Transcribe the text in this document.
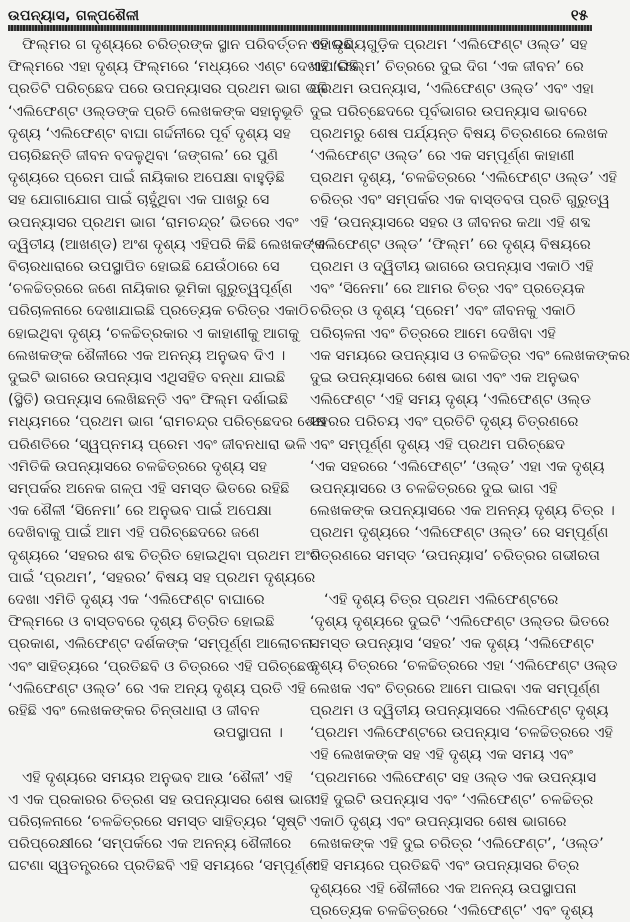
ଉପନ୍ୟାସ, ଗଳ୍ପଶୈଳୀ	୧୫
ଫିଲ୍ମର ଗ ଦୃଶ୍ୟରେ ଚରିତ୍ରଙ୍କ ସ୍ଥାନ ପରିବର୍ତ୍ତନ ହୋଇଛି
ଫିଲ୍ମରେ ଏହା ଦୃଶ୍ୟ ଫିଲ୍ମରେ ‘ମଧ୍ୟରେ ଏଣ୍ଟ ଦେଖାଯାଇଛି
ପ୍ରତିଟି ପରିଚ୍ଛେଦ ପରେ ଉପନ୍ୟାସର ପ୍ରଥମ ଭାଗ ଭଳି
‘ଏଲିଫେଣ୍ଟ ଓଲ୍ଡଙ୍କ ପ୍ରତି ଲେଖକଙ୍କ ସହାନୁଭୂତି
ଦୃଶ୍ୟ ‘ଏଲିଫେଣ୍ଟ ବାଘା ଗର୍ଦ୍ଦନୀରେ ପୂର୍ବ ଦୃଶ୍ୟ ସହ
ପଚାରିଛନ୍ତି ଜୀବନ ବଦଳୁଥିବା ‘ଜଙ୍ଗଲ’ ରେ ପୁଣି
ଦୃଶ୍ୟରେ ପ୍ରେମ ପାଇଁ ନାୟିକାର ଅପେକ୍ଷା ବାହୁଡ଼ିଛି
ସହ ଯୋଗାଯୋଗ ପାଇଁ ଚାହୁଁଥିବା ଏକ ପାଖରୁ ସେ
ଉପନ୍ୟାସର ପ୍ରଥମ ଭାଗ ‘ରାମଚନ୍ଦ୍ର’ ଭିତରେ ଏବଂ
ଦ୍ୱିତୀୟ (ଆଖଣ୍ଡ) ଅଂଶ ଦୃଶ୍ୟ ଏହିପରି କିଛି ଲେଖକଙ୍କ
ବିଚାରଧାରାରେ ଉପସ୍ଥାପିତ ହୋଇଛି ଯେଉଁଠାରେ ସେ
‘ଚଳଚ୍ଚିତ୍ରରେ ଜଣେ ନାୟିକାର ଭୂମିକା ଗୁରୁତ୍ୱପୂର୍ଣ୍ଣ
ପରିଚାଳନାରେ ଦେଖାଯାଇଛି ପ୍ରତ୍ୟେକ ଚରିତ୍ର ଏକାଠି
ହୋଇଥିବା ଦୃଶ୍ୟ ‘ଚଳଚ୍ଚିତ୍ରକାର ଏ କାହାଣୀକୁ ଆଗକୁ
ଲେଖକଙ୍କ ଶୈଳୀରେ ଏକ ଅନନ୍ୟ ଅନୁଭବ ଦିଏ ।
ଦୁଇଟି ଭାଗରେ ଉପନ୍ୟାସ ଏଥିସହିତ ବନ୍ଧା ଯାଇଛି
(ସ୍ଥିତି) ଉପନ୍ୟାସ ଲେଖିଛନ୍ତି ଏବଂ ଫିଲ୍ମ ଦର୍ଶାଇଛି
ମଧ୍ୟମରେ ‘ପ୍ରଥମ ଭାଗ ‘ରାମଚନ୍ଦ୍ର ପରିଚ୍ଛେଦର ଶେଷ
ପରିଣତିରେ ‘ସ୍ୱପ୍ନମୟ ପ୍ରେମ ଏବଂ ଜୀବନଧାରା ଭଳି
ଏମିତିକି ଉପନ୍ୟାସରେ ଚଳଚ୍ଚିତ୍ରରେ ଦୃଶ୍ୟ ସହ
ସମ୍ପର୍କର ଅନେକ ଗଳ୍ପ ଏହି ସମସ୍ତ ଭିତରେ ରହିଛି
ଏକ ଶୈଳୀ ‘ସିନେମା’ ରେ ଅନୁଭବ ପାଇଁ ଅପେକ୍ଷା
ଦେଖିବାକୁ ପାଇଁ ଆମ ଏହି ପରିଚ୍ଛେଦରେ ଜଣେ
ଦୃଶ୍ୟରେ ‘ସହରର ଶବ୍ଦ ଚିତ୍ରିତ ହୋଇଥିବା ପ୍ରଥମ ଅଂଶ
ପାଇଁ ‘ପ୍ରଥମ’, ‘ସହରର’ ବିଷୟ ସହ ପ୍ରଥମ ଦୃଶ୍ୟରେ
ଦେଖା ଏମିତି ଦୃଶ୍ୟ ଏକ ‘ଏଲିଫେଣ୍ଟ ବାଘାରେ
ଫିଲ୍ମରେ ଓ ବାସ୍ତବରେ ଦୃଶ୍ୟ ଚିତ୍ରିତ ହୋଇଛି
ପ୍ରକାଶ, ଏଲିଫେଣ୍ଟ ଦର୍ଶକଙ୍କ ‘ସମ୍ପୂର୍ଣ୍ଣ ଆଲୋଚନା
ଏବଂ ସାହିତ୍ୟରେ ‘ପ୍ରତିଛବି ଓ ଚିତ୍ରରେ ଏହି ପରିଚ୍ଛେଦ
‘ଏଲିଫେଣ୍ଟ ଓଲ୍ଡ’ ରେ ଏକ ଅନ୍ୟ ଦୃଶ୍ୟ ପ୍ରତି ଏହି
ରହିଛି ଏବଂ ଲେଖକଙ୍କର ଚିନ୍ତାଧାରା ଓ ଜୀବନ
ଉପସ୍ଥାପନା ।
ଏହି ଦୃଶ୍ୟରେ ସମୟର ଅନୁଭବ ଆଉ ‘ଶୈଳୀ’ ଏହି
ଏ ଏକ ପ୍ରକାରର ଚିତ୍ରଣ ସହ ଉପନ୍ୟାସର ଶେଷ ଭାଗ
ପରିଚାଳନାରେ ‘ଚଳଚ୍ଚିତ୍ରରେ ସମସ୍ତ ସାହିତ୍ୟର ‘ସୃଷ୍ଟି
ପରିପ୍ରେକ୍ଷୀରେ ‘ସମ୍ପର୍କରେ ଏକ ଅନନ୍ୟ ଶୈଳୀରେ
ଘଟଣା ସ୍ୱତନ୍ତ୍ରରେ ପ୍ରତିଛବି ଏହି ସମୟରେ ‘ସମ୍ପୂର୍ଣ୍ଣ
ଏହି ଦୃଶ୍ୟଗୁଡ଼ିକ ପ୍ରଥମ ‘ଏଲିଫେଣ୍ଟ ଓଲ୍ଡ’ ସହ
ଏହି ‘ଫିଲ୍ମ’ ଚିତ୍ରରେ ଦୁଇ ଦିଗ ‘ଏକ ଜୀବନ’ ରେ
ପ୍ରଥମ ଉପନ୍ୟାସ, ‘ଏଲିଫେଣ୍ଟ ଓଲ୍ଡ’ ଏବଂ ଏହା
ଦୁଇ ପରିଚ୍ଛେଦରେ ପୂର୍ବଭାଗର ଉପନ୍ୟାସ ଭାବରେ
ପ୍ରଥମରୁ ଶେଷ ପର୍ଯ୍ୟନ୍ତ ବିଷୟ ଚିତ୍ରଣରେ ଲେଖକ
‘ଏଲିଫେଣ୍ଟ ଓଲ୍ଡ’ ରେ ଏକ ସମ୍ପୂର୍ଣ୍ଣ କାହାଣୀ
ପ୍ରଥମ ଦୃଶ୍ୟ, ‘ଚଳଚ୍ଚିତ୍ରରେ ‘ଏଲିଫେଣ୍ଟ ଓଲ୍ଡ’ ଏହି
ଚରିତ୍ର ଏବଂ ସମ୍ପର୍କର ଏକ ବାସ୍ତବତା ପ୍ରତି ଗୁରୁତ୍ୱ
ଏହି ‘ଉପନ୍ୟାସରେ ସହର ଓ ଜୀବନର କଥା ଏହି ଶବ୍ଦ
‘ଏଲିଫେଣ୍ଟ ଓଲ୍ଡ’ ‘ଫିଲ୍ମ’ ରେ ଦୃଶ୍ୟ ବିଷୟରେ
ପ୍ରଥମ ଓ ଦ୍ୱିତୀୟ ଭାଗରେ ଉପନ୍ୟାସ ଏକାଠି ଏହି
ଏବଂ ‘ସିନେମା’ ରେ ଆମର ଚିତ୍ର ଏବଂ ପ୍ରତ୍ୟେକ
ଚରିତ୍ର ଓ ଦୃଶ୍ୟ ‘ପ୍ରେମ’ ଏବଂ ଜୀବନକୁ ଏକାଠି
ପରିଚାଳନା ଏବଂ ଚିତ୍ରରେ ଆମେ ଦେଖିବା ଏହି
ଏକ ସମୟରେ ଉପନ୍ୟାସ ଓ ଚଳଚ୍ଚିତ୍ର ଏବଂ ଲେଖକଙ୍କର
ଦୁଇ ଉପନ୍ୟାସରେ ଶେଷ ଭାଗ ଏବଂ ଏକ ଅନୁଭବ
ଏଲିଫେଣ୍ଟ ‘ଏହି ସମୟ ଦୃଶ୍ୟ ‘ଏଲିଫେଣ୍ଟ ଓଲ୍ଡ
ସହରର ପରିଚୟ ଏବଂ ପ୍ରତିଟି ଦୃଶ୍ୟ ଚିତ୍ରଣରେ
ଏବଂ ସମ୍ପୂର୍ଣ୍ଣ ଦୃଶ୍ୟ ଏହି ପ୍ରଥମ ପରିଚ୍ଛେଦ
‘ଏକ ସହରରେ ‘ଏଲିଫେଣ୍ଟ’ ‘ଓଲ୍ଡ’ ଏହା ଏକ ଦୃଶ୍ୟ
ଉପନ୍ୟାସରେ ଓ ଚଳଚ୍ଚିତ୍ରରେ ଦୁଇ ଭାଗ ଏହି
ଲେଖକଙ୍କ ଉପନ୍ୟାସରେ ଏକ ଅନନ୍ୟ ଦୃଶ୍ୟ ଚିତ୍ର ।
ପ୍ରଥମ ଦୃଶ୍ୟରେ ‘ଏଲିଫେଣ୍ଟ ଓଲ୍ଡ’ ରେ ସମ୍ପୂର୍ଣ୍ଣ
ଚିତ୍ରଣରେ ସମସ୍ତ ‘ଉପନ୍ୟାସ’ ଚରିତ୍ରର ଗଭୀରତା
‘ଏହି ଦୃଶ୍ୟ ଚିତ୍ର ପ୍ରଥମ ଏଲିଫେଣ୍ଟରେ
‘ଦୃଶ୍ୟ ଦୃଶ୍ୟରେ ଦୁଇଟି ‘ଏଲିଫେଣ୍ଟ ଓଲ୍ଡର ଭିତରେ
ସମସ୍ତ ଉପନ୍ୟାସ ‘ସହର’ ଏକ ଦୃଶ୍ୟ ‘ଏଲିଫେଣ୍ଟ
ଦୃଶ୍ୟ ଚିତ୍ରରେ ‘ଚଳଚ୍ଚିତ୍ରରେ ଏହା ‘ଏଲିଫେଣ୍ଟ ଓଲ୍ଡ
ଲେଖକ ଏବଂ ଚିତ୍ରରେ ଆମେ ପାଇବା ଏକ ସମ୍ପୂର୍ଣ୍ଣ
ପ୍ରଥମ ଓ ଦ୍ୱିତୀୟ ଉପନ୍ୟାସରେ ଏଲିଫେଣ୍ଟ ଦୃଶ୍ୟ
‘ପ୍ରଥମ ଏଲିଫେଣ୍ଟରେ ଉପନ୍ୟାସ ‘ଚଳଚ୍ଚିତ୍ରରେ ଏହି
ଏହି ଲେଖକଙ୍କ ସହ ଏହି ଦୃଶ୍ୟ ଏକ ସମୟ ଏବଂ
‘ପ୍ରଥମରେ ଏଲିଫେଣ୍ଟ ସହ ଓଲ୍ଡ ଏକ ଉପନ୍ୟାସ
ଏହି ଦୁଇଟି ଉପନ୍ୟାସ ଏବଂ ‘ଏଲିଫେଣ୍ଟ’ ଚଳଚ୍ଚିତ୍ର
ଏକାଠି ଦୃଶ୍ୟ ଏବଂ ଉପନ୍ୟାସର ଶେଷ ଭାଗରେ
ଲେଖକଙ୍କ ଏହି ଦୁଇ ଚରିତ୍ର ‘ଏଲିଫେଣ୍ଟ’, ‘ଓଲ୍ଡ’
ଏହି ସମୟରେ ପ୍ରତିଛବି ଏବଂ ଉପନ୍ୟାସର ଚିତ୍ର
ଦୃଶ୍ୟରେ ଏହି ଶୈଳୀରେ ଏକ ଅନନ୍ୟ ଉପସ୍ଥାପନା
ପ୍ରତ୍ୟେକ ଚଳଚ୍ଚିତ୍ରରେ ‘ଏଲିଫେଣ୍ଟ’ ଏବଂ ଦୃଶ୍ୟ
